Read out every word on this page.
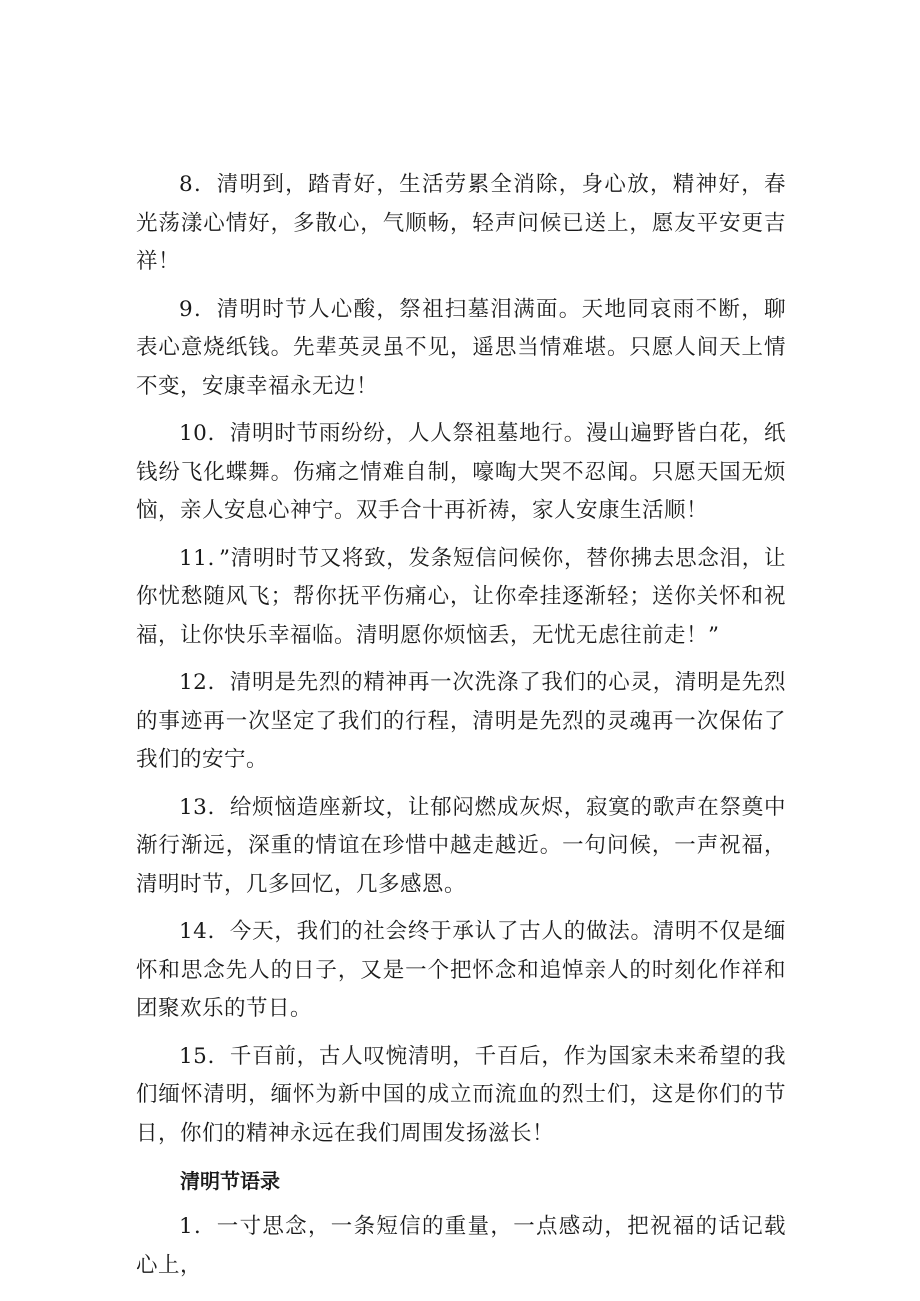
8．清明到，踏青好，生活劳累全消除，身心放，精神好，春光荡漾心情好，多散心，气顺畅，轻声问候已送上，愿友平安更吉祥！

9．清明时节人心酸，祭祖扫墓泪满面。天地同哀雨不断，聊表心意烧纸钱。先辈英灵虽不见，遥思当情难堪。只愿人间天上情不变，安康幸福永无边！

10．清明时节雨纷纷，人人祭祖墓地行。漫山遍野皆白花，纸钱纷飞化蝶舞。伤痛之情难自制，嚎啕大哭不忍闻。只愿天国无烦恼，亲人安息心神宁。双手合十再祈祷，家人安康生活顺！

11．”清明时节又将致，发条短信问候你，替你拂去思念泪，让你忧愁随风飞；帮你抚平伤痛心，让你牵挂逐渐轻；送你关怀和祝福，让你快乐幸福临。清明愿你烦恼丢，无忧无虑往前走！”

12．清明是先烈的精神再一次洗涤了我们的心灵，清明是先烈的事迹再一次坚定了我们的行程，清明是先烈的灵魂再一次保佑了我们的安宁。

13．给烦恼造座新坟，让郁闷燃成灰烬，寂寞的歌声在祭奠中渐行渐远，深重的情谊在珍惜中越走越近。一句问候，一声祝福，清明时节，几多回忆，几多感恩。

14．今天，我们的社会终于承认了古人的做法。清明不仅是缅怀和思念先人的日子，又是一个把怀念和追悼亲人的时刻化作祥和团聚欢乐的节日。

15．千百前，古人叹惋清明，千百后，作为国家未来希望的我们缅怀清明，缅怀为新中国的成立而流血的烈士们，这是你们的节日，你们的精神永远在我们周围发扬滋长！

清明节语录

1．一寸思念，一条短信的重量，一点感动，把祝福的话记载心上，
